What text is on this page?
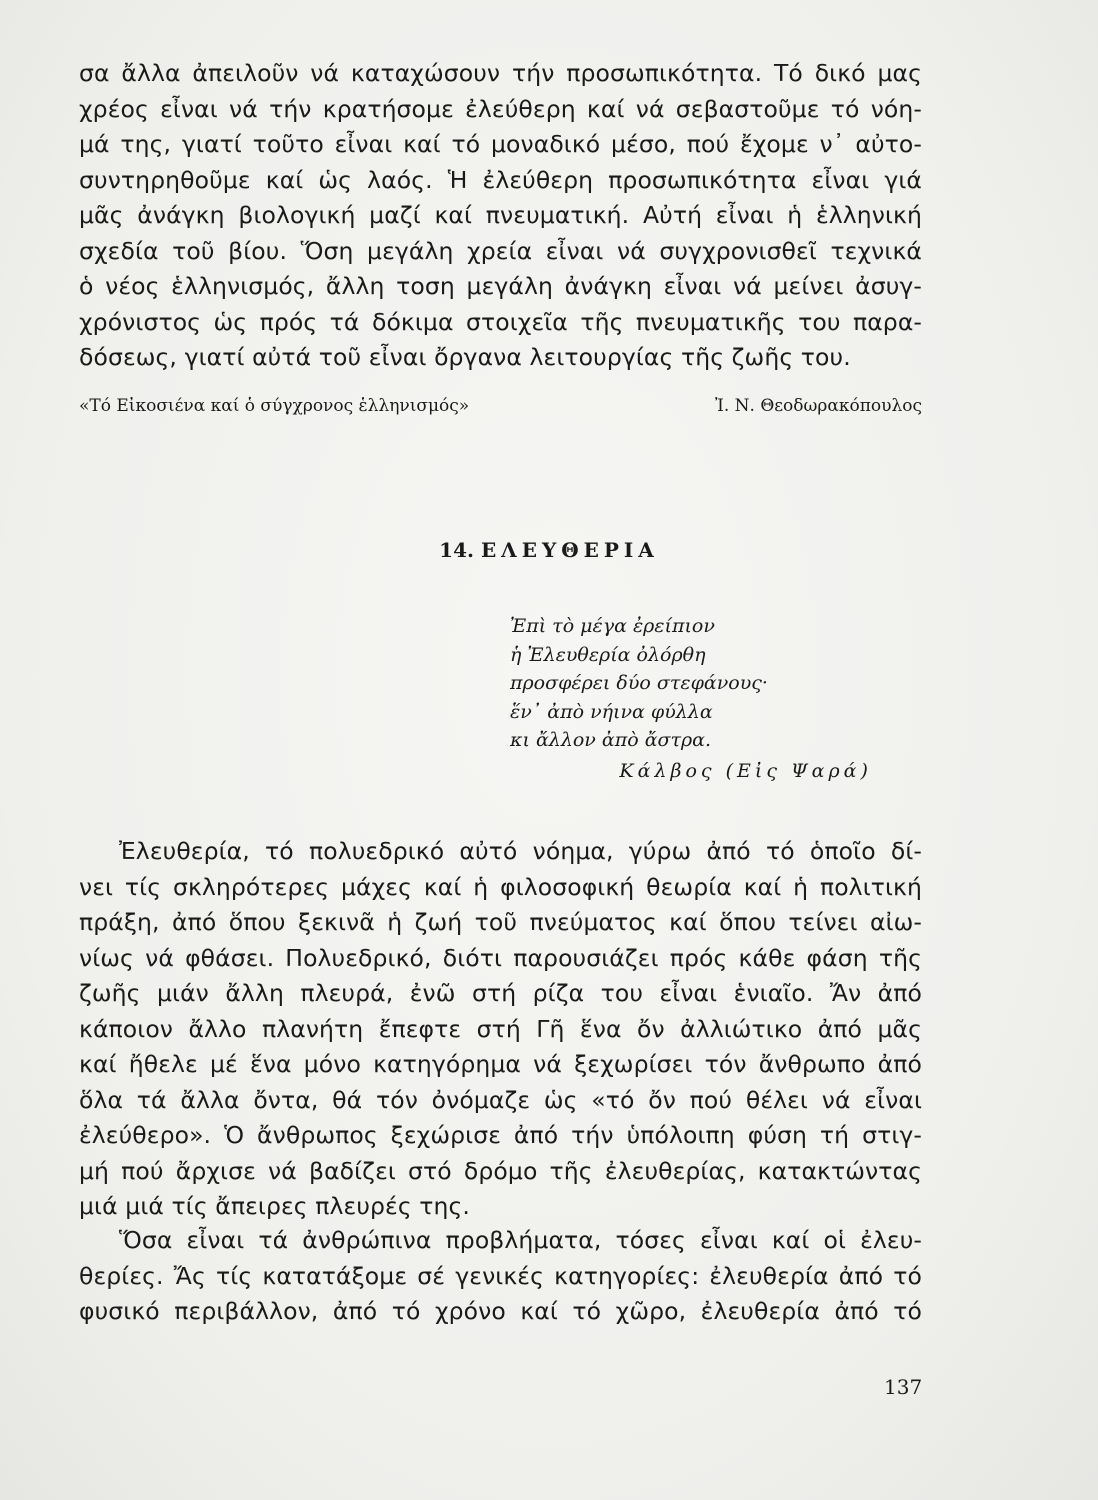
σα ἄλλα ἀπειλοῦν νά καταχώσουν τήν προσωπικότητα. Τό δικό μας
χρέος εἶναι νά τήν κρατήσομε ἐλεύθερη καί νά σεβαστοῦμε τό νόη-
μά της, γιατί τοῦτο εἶναι καί τό μοναδικό μέσο, πού ἔχομε ν᾽ αὐτο-
συντηρηθοῦμε καί ὡς λαός. Ἡ ἐλεύθερη προσωπικότητα εἶναι γιά
μᾶς ἀνάγκη βιολογική μαζί καί πνευματική. Αὐτή εἶναι ἡ ἑλληνική
σχεδία τοῦ βίου. Ὅση μεγάλη χρεία εἶναι νά συγχρονισθεῖ τεχνικά
ὁ νέος ἑλληνισμός, ἄλλη τοση μεγάλη ἀνάγκη εἶναι νά μείνει ἀσυγ-
χρόνιστος ὡς πρός τά δόκιμα στοιχεῖα τῆς πνευματικῆς του παρα-
δόσεως, γιατί αὐτά τοῦ εἶναι ὄργανα λειτουργίας τῆς ζωῆς του.
«Τό Εἰκοσιένα καί ὁ σύγχρονος ἑλληνισμός»	Ἰ. Ν. Θεοδωρακόπουλος
14. ΕΛΕΥΘΕΡΙΑ
Ἐπὶ τὸ μέγα ἐρείπιον
ἡ Ἐλευθερία ὀλόρθη
προσφέρει δύο στεφάνους·
ἕν᾽ ἀπὸ νήινα φύλλα
κι ἄλλον ἀπὸ ἄστρα.
Κάλβος (Εἰς Ψαρά)
Ἐλευθερία, τό πολυεδρικό αὐτό νόημα, γύρω ἀπό τό ὁποῖο δί-
νει τίς σκληρότερες μάχες καί ἡ φιλοσοφική θεωρία καί ἡ πολιτική
πράξη, ἀπό ὅπου ξεκινᾶ ἡ ζωή τοῦ πνεύματος καί ὅπου τείνει αἰω-
νίως νά φθάσει. Πολυεδρικό, διότι παρουσιάζει πρός κάθε φάση τῆς
ζωῆς μιάν ἄλλη πλευρά, ἐνῶ στή ρίζα του εἶναι ἑνιαῖο. Ἄν ἀπό
κάποιον ἄλλο πλανήτη ἔπεφτε στή Γῆ ἕνα ὄν ἀλλιώτικο ἀπό μᾶς
καί ἤθελε μέ ἕνα μόνο κατηγόρημα νά ξεχωρίσει τόν ἄνθρωπο ἀπό
ὅλα τά ἄλλα ὄντα, θά τόν ὀνόμαζε ὡς «τό ὄν πού θέλει νά εἶναι
ἐλεύθερο». Ὁ ἄνθρωπος ξεχώρισε ἀπό τήν ὑπόλοιπη φύση τή στιγ-
μή πού ἄρχισε νά βαδίζει στό δρόμο τῆς ἐλευθερίας, κατακτώντας
μιά μιά τίς ἄπειρες πλευρές της.
Ὅσα εἶναι τά ἀνθρώπινα προβλήματα, τόσες εἶναι καί οἱ ἐλευ-
θερίες. Ἄς τίς κατατάξομε σέ γενικές κατηγορίες: ἐλευθερία ἀπό τό
φυσικό περιβάλλον, ἀπό τό χρόνο καί τό χῶρο, ἐλευθερία ἀπό τό
137
